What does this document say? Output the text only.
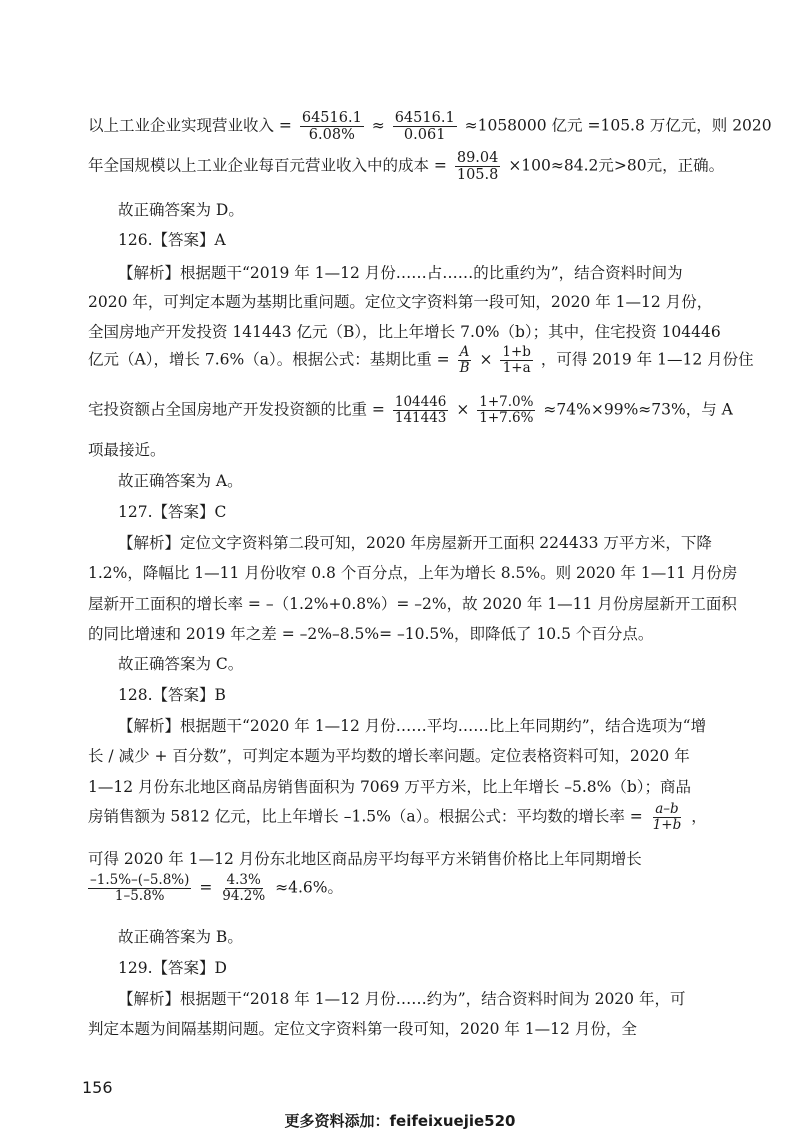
以上工业企业实现营业收入 = $\frac{64516.1}{6.08\%} \approx \frac{64516.1}{0.061} \approx 1058000$ 亿元 =105.8 万亿元，则 2020
年全国规模以上工业企业每百元营业收入中的成本 = $\frac{89.04}{105.8} \times 100\approx 84.2$元>80元，正确。
故正确答案为 D。
126.【答案】A
【解析】根据题干“2019 年 1—12 月份……占……的比重约为”，结合资料时间为
2020 年，可判定本题为基期比重问题。定位文字资料第一段可知，2020 年 1—12 月份，
全国房地产开发投资 141443 亿元（B），比上年增长 7.0%（b）；其中，住宅投资 104446
亿元（A），增长 7.6%（a）。根据公式：基期比重 = $\frac{A}{B} \times \frac{1+b}{1+a}$ ，可得 2019 年 1—12 月份住
宅投资额占全国房地产开发投资额的比重 = $\frac{104446}{141443} \times \frac{1+7.0\%}{1+7.6\%} \approx 74\%\times 99\%\approx 73\%$，与 A
项最接近。
故正确答案为 A。
127.【答案】C
【解析】定位文字资料第二段可知，2020 年房屋新开工面积 224433 万平方米，下降
1.2%，降幅比 1—11 月份收窄 0.8 个百分点，上年为增长 8.5%。则 2020 年 1—11 月份房
屋新开工面积的增长率 = –（1.2%+0.8%）= –2%，故 2020 年 1—11 月份房屋新开工面积
的同比增速和 2019 年之差 = –2%–8.5%= –10.5%，即降低了 10.5 个百分点。
故正确答案为 C。
128.【答案】B
【解析】根据题干“2020 年 1—12 月份……平均……比上年同期约”，结合选项为“增
长 / 减少 + 百分数”，可判定本题为平均数的增长率问题。定位表格资料可知，2020 年
1—12 月份东北地区商品房销售面积为 7069 万平方米，比上年增长 –5.8%（b）；商品
房销售额为 5812 亿元，比上年增长 –1.5%（a）。根据公式：平均数的增长率 = $\frac{a-b}{1+b}$ ，
可得 2020 年 1—12 月份东北地区商品房平均每平方米销售价格比上年同期增长
$\frac{-1.5\%-(-5.8\%)}{1-5.8\%} = \frac{4.3\%}{94.2\%} \approx 4.6\%$。
故正确答案为 B。
129.【答案】D
【解析】根据题干“2018 年 1—12 月份……约为”，结合资料时间为 2020 年，可
判定本题为间隔基期问题。定位文字资料第一段可知，2020 年 1—12 月份，全
156
更多资料添加：feifeixuejie520
